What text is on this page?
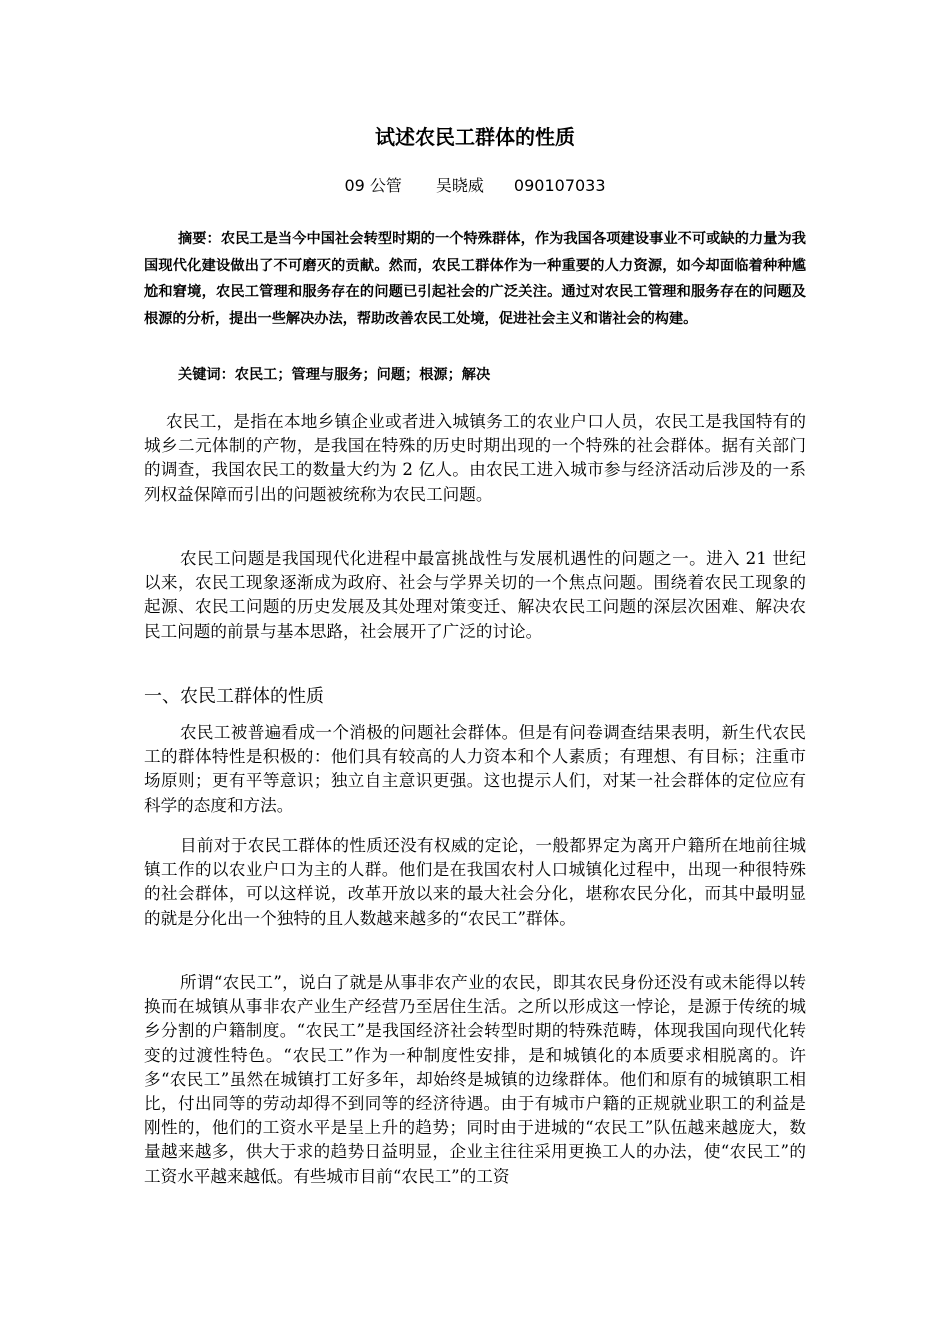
试述农民工群体的性质
09 公管 吴晓威 090107033

摘要：农民工是当今中国社会转型时期的一个特殊群体，作为我国各项建设事业不可或缺的力量为我国现代化建设做出了不可磨灭的贡献。然而，农民工群体作为一种重要的人力资源，如今却面临着种种尴尬和窘境，农民工管理和服务存在的问题已引起社会的广泛关注。通过对农民工管理和服务存在的问题及根源的分析，提出一些解决办法，帮助改善农民工处境，促进社会主义和谐社会的构建。

关键词：农民工；管理与服务；问题；根源；解决

农民工，是指在本地乡镇企业或者进入城镇务工的农业户口人员，农民工是我国特有的城乡二元体制的产物，是我国在特殊的历史时期出现的一个特殊的社会群体。据有关部门的调查，我国农民工的数量大约为 2 亿人。由农民工进入城市参与经济活动后涉及的一系列权益保障而引出的问题被统称为农民工问题。

农民工问题是我国现代化进程中最富挑战性与发展机遇性的问题之一。进入 21 世纪以来，农民工现象逐渐成为政府、社会与学界关切的一个焦点问题。围绕着农民工现象的起源、农民工问题的历史发展及其处理对策变迁、解决农民工问题的深层次困难、解决农民工问题的前景与基本思路，社会展开了广泛的讨论。

一、农民工群体的性质

农民工被普遍看成一个消极的问题社会群体。但是有问卷调查结果表明，新生代农民工的群体特性是积极的：他们具有较高的人力资本和个人素质；有理想、有目标；注重市场原则；更有平等意识；独立自主意识更强。这也提示人们，对某一社会群体的定位应有科学的态度和方法。

目前对于农民工群体的性质还没有权威的定论，一般都界定为离开户籍所在地前往城镇工作的以农业户口为主的人群。他们是在我国农村人口城镇化过程中，出现一种很特殊的社会群体，可以这样说，改革开放以来的最大社会分化，堪称农民分化，而其中最明显的就是分化出一个独特的且人数越来越多的“农民工”群体。

所谓“农民工”，说白了就是从事非农产业的农民，即其农民身份还没有或未能得以转换而在城镇从事非农产业生产经营乃至居住生活。之所以形成这一悖论，是源于传统的城乡分割的户籍制度。“农民工”是我国经济社会转型时期的特殊范畴，体现我国向现代化转变的过渡性特色。“农民工”作为一种制度性安排，是和城镇化的本质要求相脱离的。许多“农民工”虽然在城镇打工好多年，却始终是城镇的边缘群体。他们和原有的城镇职工相比，付出同等的劳动却得不到同等的经济待遇。由于有城市户籍的正规就业职工的利益是刚性的，他们的工资水平是呈上升的趋势；同时由于进城的“农民工”队伍越来越庞大，数量越来越多，供大于求的趋势日益明显，企业主往往采用更换工人的办法，使“农民工”的工资水平越来越低。有些城市目前“农民工”的工资
